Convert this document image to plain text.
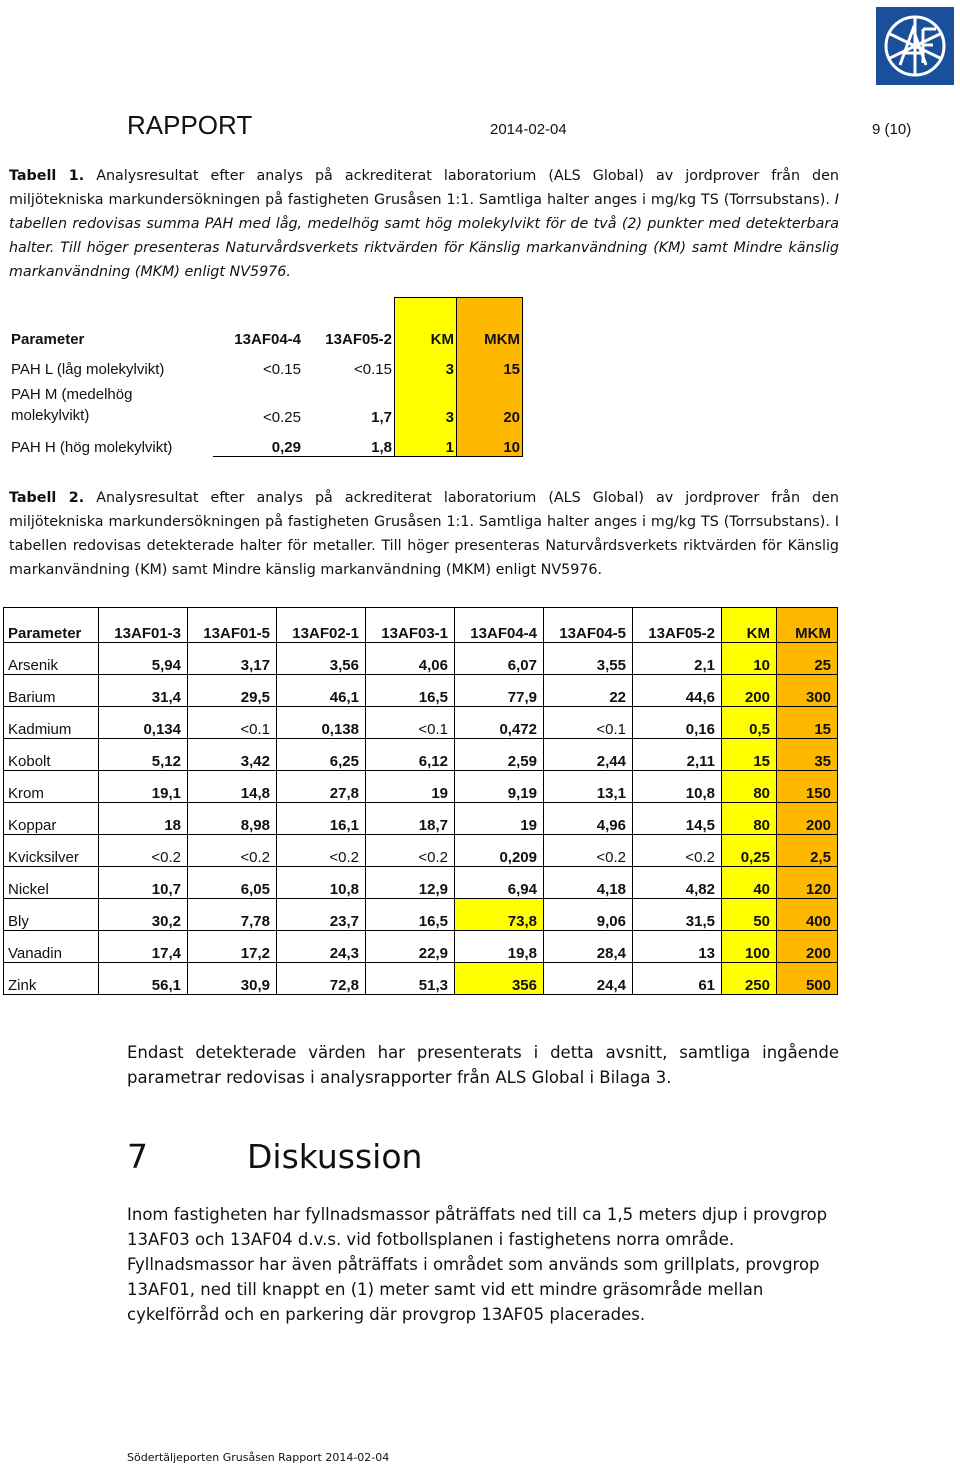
RAPPORT	2014-02-04	9 (10)
Tabell 1. Analysresultat efter analys på ackrediterat laboratorium (ALS Global) av jordprover från den miljötekniska markundersökningen på fastigheten Grusåsen 1:1. Samtliga halter anges i mg/kg TS (Torrsubstans). I tabellen redovisas summa PAH med låg, medelhög samt hög molekylvikt för de två (2) punkter med detekterbara halter. Till höger presenteras Naturvårdsverkets riktvärden för Känslig markanvändning (KM) samt Mindre känslig markanvändning (MKM) enligt NV5976.
Parameter	13AF04-4	13AF05-2	KM	MKM
PAH L (låg molekylvikt)	<0.15	<0.15	3	15
PAH M (medelhög
molekylvikt)	<0.25	1,7	3	20
PAH H (hög molekylvikt)	0,29	1,8	1	10
Tabell 2. Analysresultat efter analys på ackrediterat laboratorium (ALS Global) av jordprover från den miljötekniska markundersökningen på fastigheten Grusåsen 1:1. Samtliga halter anges i mg/kg TS (Torrsubstans). I tabellen redovisas detekterade halter för metaller. Till höger presenteras Naturvårdsverkets riktvärden för Känslig markanvändning (KM) samt Mindre känslig markanvändning (MKM) enligt NV5976.
Parameter	13AF01-3	13AF01-5	13AF02-1	13AF03-1	13AF04-4	13AF04-5	13AF05-2	KM	MKM
Arsenik	5,94	3,17	3,56	4,06	6,07	3,55	2,1	10	25
Barium	31,4	29,5	46,1	16,5	77,9	22	44,6	200	300
Kadmium	0,134	<0.1	0,138	<0.1	0,472	<0.1	0,16	0,5	15
Kobolt	5,12	3,42	6,25	6,12	2,59	2,44	2,11	15	35
Krom	19,1	14,8	27,8	19	9,19	13,1	10,8	80	150
Koppar	18	8,98	16,1	18,7	19	4,96	14,5	80	200
Kvicksilver	<0.2	<0.2	<0.2	<0.2	0,209	<0.2	<0.2	0,25	2,5
Nickel	10,7	6,05	10,8	12,9	6,94	4,18	4,82	40	120
Bly	30,2	7,78	23,7	16,5	73,8	9,06	31,5	50	400
Vanadin	17,4	17,2	24,3	22,9	19,8	28,4	13	100	200
Zink	56,1	30,9	72,8	51,3	356	24,4	61	250	500
Endast detekterade värden har presenterats i detta avsnitt, samtliga ingående parametrar redovisas i analysrapporter från ALS Global i Bilaga 3.
7	Diskussion
Inom fastigheten har fyllnadsmassor påträffats ned till ca 1,5 meters djup i provgrop 13AF03 och 13AF04 d.v.s. vid fotbollsplanen i fastighetens norra område.
Fyllnadsmassor har även påträffats i området som används som grillplats, provgrop 13AF01, ned till knappt en (1) meter samt vid ett mindre gräsområde mellan cykelförråd och en parkering där provgrop 13AF05 placerades.
Södertäljeporten Grusåsen Rapport 2014-02-04
